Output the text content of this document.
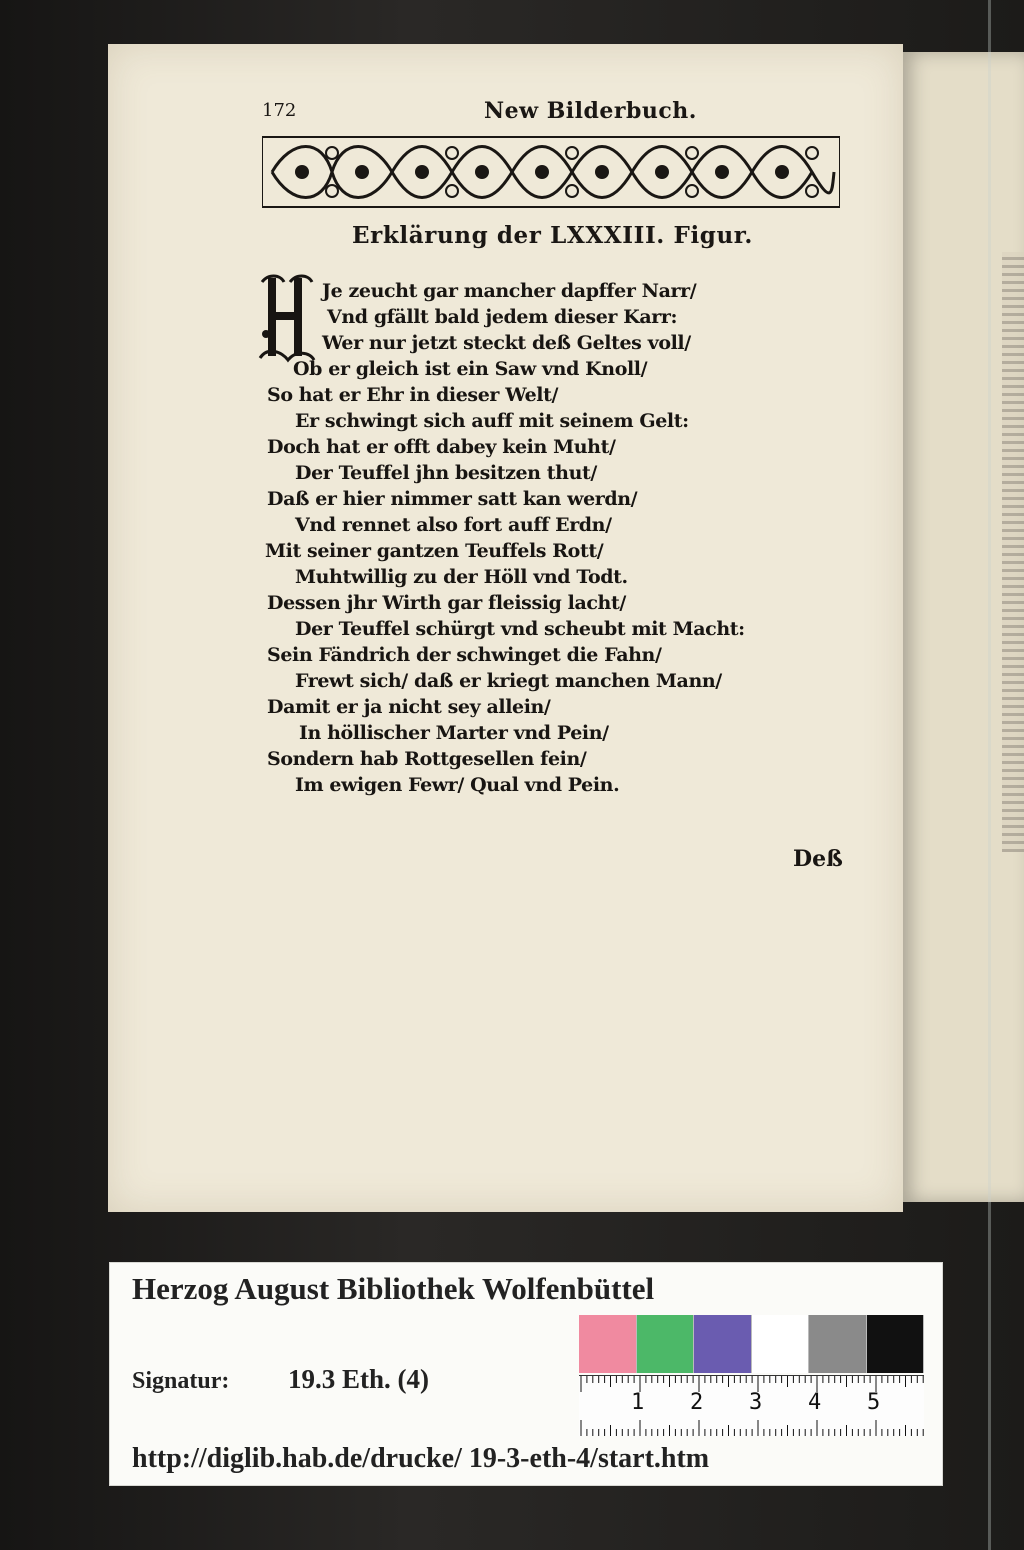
172	New Bilderbuch.
Erklärung der LXXXIII. Figur.
Je zeucht gar mancher dapffer Narr/
Vnd gfällt bald jedem dieser Karr:
Wer nur jetzt steckt deß Geltes voll/
Ob er gleich ist ein Saw vnd Knoll/
So hat er Ehr in dieser Welt/
Er schwingt sich auff mit seinem Gelt:
Doch hat er offt dabey kein Muht/
Der Teuffel jhn besitzen thut/
Daß er hier nimmer satt kan werdn/
Vnd rennet also fort auff Erdn/
Mit seiner gantzen Teuffels Rott/
Muhtwillig zu der Höll vnd Todt.
Dessen jhr Wirth gar fleissig lacht/
Der Teuffel schürgt vnd scheubt mit Macht:
Sein Fändrich der schwinget die Fahn/
Frewt sich/ daß er kriegt manchen Mann/
Damit er ja nicht sey allein/
In höllischer Marter vnd Pein/
Sondern hab Rottgesellen fein/
Im ewigen Fewr/ Qual vnd Pein.
Deß
Herzog August Bibliothek Wolfenbüttel
Signatur: 19.3 Eth. (4)
1 2 3 4 5
http://diglib.hab.de/drucke/ 19-3-eth-4/start.htm
